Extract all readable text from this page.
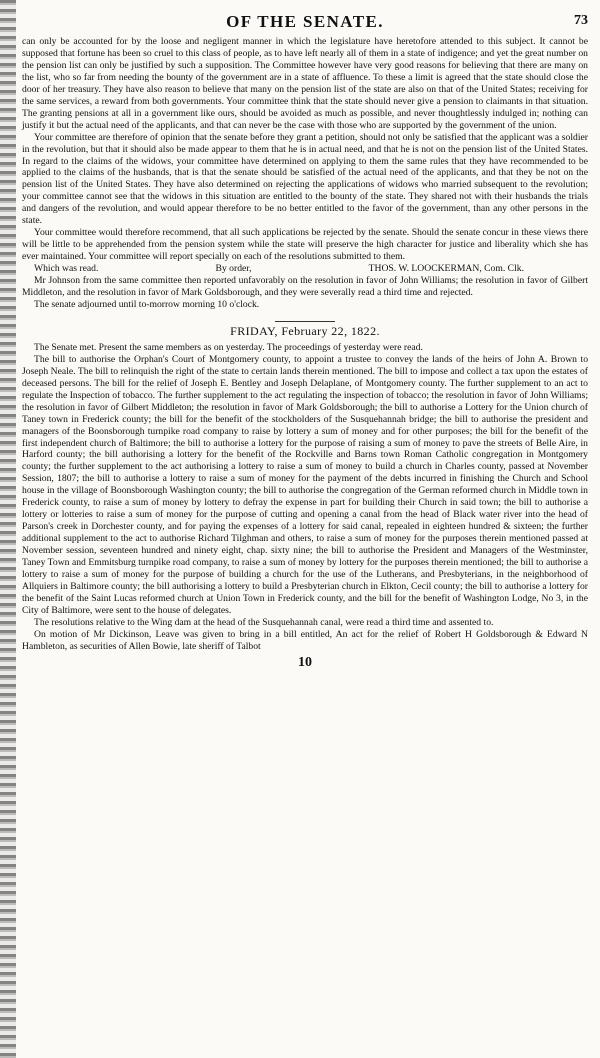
OF THE SENATE.	73

can only be accounted for by the loose and negligent manner in which the legislature have heretofore attended to this subject. It cannot be supposed that fortune has been so cruel to this class of people, as to have left nearly all of them in a state of indigence; and yet the great number on the pension list can only be justified by such a supposition. The Committee however have very good reasons for believing that there are many on the list, who so far from needing the bounty of the government are in a state of affluence. To these a limit is agreed that the state should close the door of her treasury. They have also reason to believe that many on the pension list of the state are also on that of the United States; receiving for the same services, a reward from both governments. Your committee think that the state should never give a pension to claimants in that situation. The granting pensions at all in a government like ours, should be avoided as much as possible, and never thoughtlessly indulged in; nothing can justify it but the actual need of the applicants, and that can never be the case with those who are supported by the government of the union.

Your committee are therefore of opinion that the senate before they grant a petition, should not only be satisfied that the applicant was a soldier in the revolution, but that it should also be made appear to them that he is in actual need, and that he is not on the pension list of the United States. In regard to the claims of the widows, your committee have determined on applying to them the same rules that they have recommended to be applied to the claims of the husbands, that is that the senate should be satisfied of the actual need of the applicants, and that they be not on the pension list of the United States. They have also determined on rejecting the applications of widows who married subsequent to the revolution; your committee cannot see that the widows in this situation are entitled to the bounty of the state. They shared not with their husbands the trials and dangers of the revolution, and would appear therefore to be no better entitled to the favor of the government, than any other persons in the state.

Your committee would therefore recommend, that all such applications be rejected by the senate. Should the senate concur in these views there will be little to be apprehended from the pension system while the state will preserve the high character for justice and liberality which she has ever maintained. Your committee will report specially on each of the resolutions submitted to them.

Which was read.	By order,	THOS. W. LOOCKERMAN, Com. Clk.

Mr Johnson from the same committee then reported unfavorably on the resolution in favor of John Williams; the resolution in favor of Gilbert Middleton, and the resolution in favor of Mark Goldsborough, and they were severally read a third time and rejected.

The senate adjourned until to-morrow morning 10 o'clock.

FRIDAY, February 22, 1822.

The Senate met. Present the same members as on yesterday. The proceedings of yesterday were read.

The bill to authorise the Orphan's Court of Montgomery county, to appoint a trustee to convey the lands of the heirs of John A. Brown to Joseph Neale. The bill to relinquish the right of the state to certain lands therein mentioned. The bill to impose and collect a tax upon the estates of deceased persons. The bill for the relief of Joseph E. Bentley and Joseph Delaplane, of Montgomery county. The further supplement to an act to regulate the Inspection of tobacco. The further supplement to the act regulating the inspection of tobacco; the resolution in favor of John Williams; the resolution in favor of Gilbert Middleton; the resolution in favor of Mark Goldsborough; the bill to authorise a Lottery for the Union church of Taney town in Frederick county; the bill for the benefit of the stockholders of the Susquehannah bridge; the bill to authorise the president and managers of the Boonsborough turnpike road company to raise by lottery a sum of money and for other purposes; the bill for the benefit of the first independent church of Baltimore; the bill to authorise a lottery for the purpose of raising a sum of money to pave the streets of Belle Aire, in Harford county; the bill authorising a lottery for the benefit of the Rockville and Barns town Roman Catholic congregation in Montgomery county; the further supplement to the act authorising a lottery to raise a sum of money to build a church in Charles county, passed at November Session, 1807; the bill to authorise a lottery to raise a sum of money for the payment of the debts incurred in finishing the Church and School house in the village of Boonsborough Washington county; the bill to authorise the congregation of the German reformed church in Middle town in Frederick county, to raise a sum of money by lottery to defray the expense in part for building their Church in said town; the bill to authorise a lottery or lotteries to raise a sum of money for the purpose of cutting and opening a canal from the head of Black water river into the head of Parson's creek in Dorchester county, and for paying the expenses of a lottery for said canal, repealed in eighteen hundred & sixteen; the further additional supplement to the act to authorise Richard Tilghman and others, to raise a sum of money for the purposes therein mentioned passed at November session, seventeen hundred and ninety eight, chap. sixty nine; the bill to authorise the President and Managers of the Westminster, Taney Town and Emmitsburg turnpike road company, to raise a sum of money by lottery for the purposes therein mentioned; the bill to authorise a lottery to raise a sum of money for the purpose of building a church for the use of the Lutherans, and Presbyterians, in the neighborhood of Allquiers in Baltimore county; the bill authorising a lottery to build a Presbyterian church in Elkton, Cecil county; the bill to authorise a lottery for the benefit of the Saint Lucas reformed church at Union Town in Frederick county, and the bill for the benefit of Washington Lodge, No 3, in the City of Baltimore, were sent to the house of delegates.

The resolutions relative to the Wing dam at the head of the Susquehannah canal, were read a third time and assented to.

On motion of Mr Dickinson, Leave was given to bring in a bill entitled, An act for the relief of Robert H Goldsborough & Edward N Hambleton, as securities of Allen Bowie, late sheriff of Talbot

10
